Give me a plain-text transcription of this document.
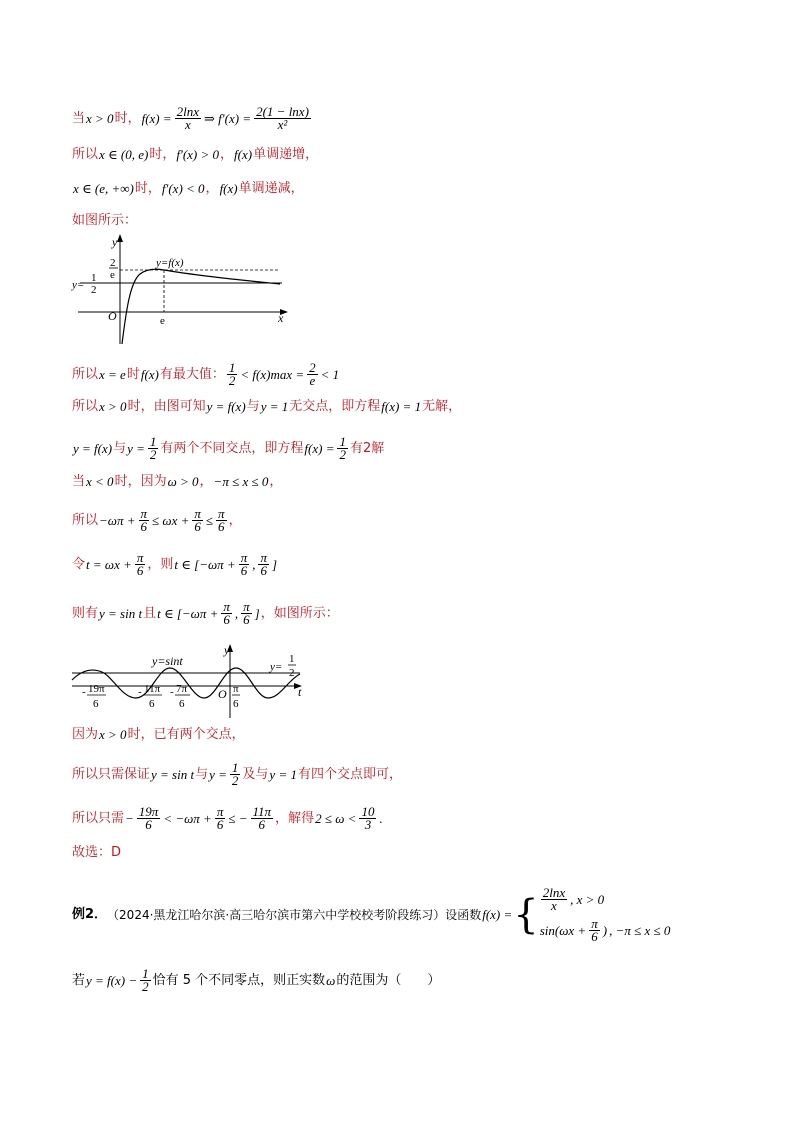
当 x > 0 时， $f(x) = \frac{2\ln x}{x}$ ⇒ $f'(x) = \frac{2(1 - \ln x)}{\text{x²}}$
所以 x ∈ (0, e) 时， f′(x) > 0 ， f(x) 单调递增，
x ∈ (e, +∞) 时， f′(x) < 0 ， f(x) 单调递减，
如图所示：
y
x
O	e
2
e
y=
1
2
y=f(x)
所以 x = e 时 f(x) 有最大值： $\frac{1}{2} < f(x)\max = \frac{2}{e} < 1$
所以 x > 0 时，由图可知 y = f(x) 与 y = 1 无交点，即方程 f(x) = 1 无解，
y = f(x) 与 $y = \frac{1}{2}$ 有两个不同交点，即方程 $f(x) = \frac{1}{2}$ 有2解
当 x < 0 时，因为 ω > 0 ， −π ≤ x ≤ 0 ，
所以 $-\omega\pi + \frac{\pi}{6} \le \omega x + \frac{\pi}{6} \le \frac{\pi}{6}$ ，
令 $t = \omega x + \frac{\pi}{6}$ ，则 t ∈ [$-\omega\pi + \frac{\pi}{6}$ , $\frac{\pi}{6}$ ]
则有 y = sin t 且 t ∈ [$-\omega\pi + \frac{\pi}{6}$ , $\frac{\pi}{6}$ ] ，如图所示：
y
t
O
y=sint	y=
1
2
- 19π
6
- 11π
6
- 7π
6
π
6
因为 x > 0 时，已有两个交点，
所以只需保证 y = sin t 与 $y = \frac{1}{2}$ 及与 y = 1 有四个交点即可，
所以只需 − $\frac{19\pi}{6} < -\omega\pi + \frac{\pi}{6}$ ≤ − $\frac{11\pi}{6}$ ，解得 $2 \le \omega < \frac{10}{3}$ .
故选：D
例2． （2024·黑龙江哈尔滨·高三哈尔滨市第六中学校校考阶段练习）设函数 f(x) = { $\frac{2\ln x}{x}$ , x > 0
$\sin(\omega x + \frac{\pi}{6}$ ) , −π ≤ x ≤ 0
若 $y = f(x) - \frac{1}{2}$ 恰有 5 个不同零点，则正实数 ω 的范围为（　　）
